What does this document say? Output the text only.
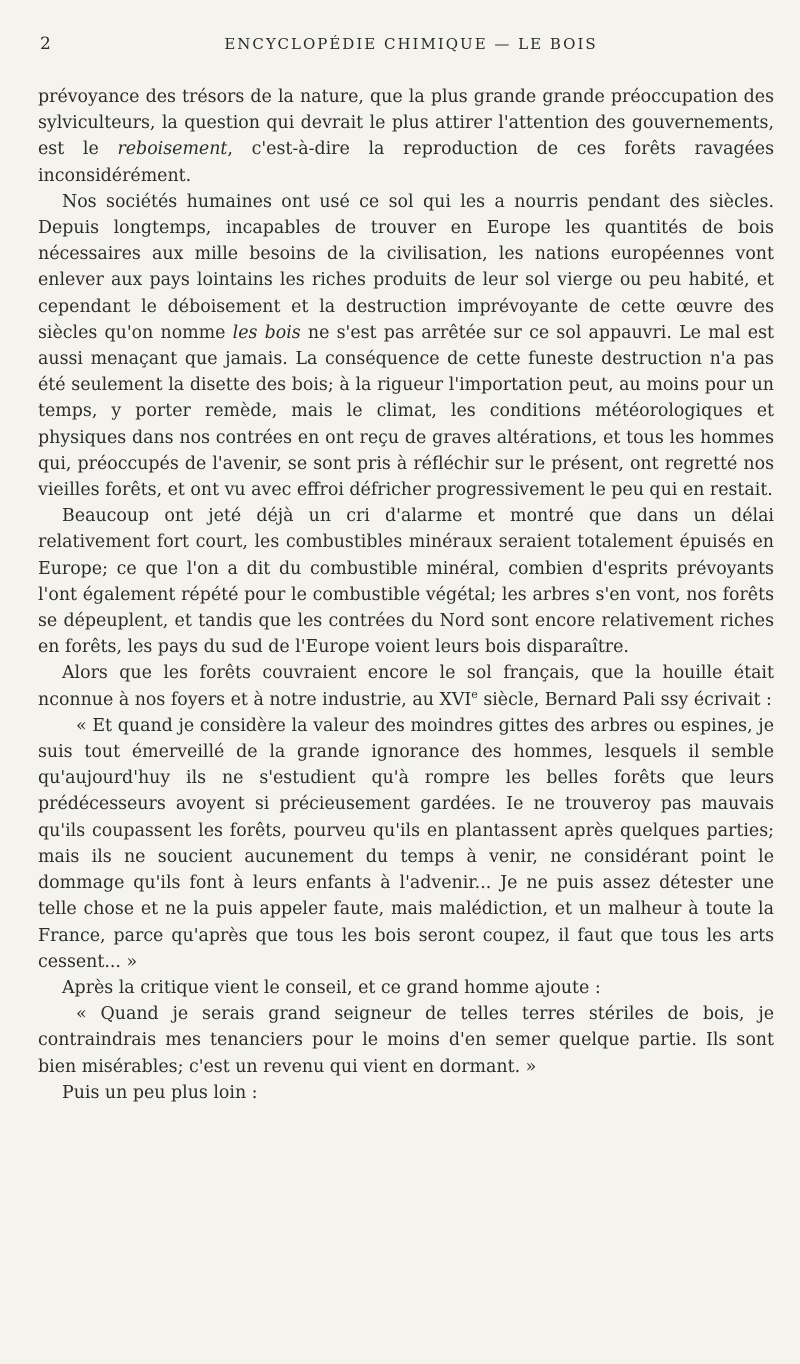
2	ENCYCLOPÉDIE CHIMIQUE — LE BOIS

prévoyance des trésors de la nature, que la plus grande grande préoccupation des sylviculteurs, la question qui devrait le plus attirer l'attention des gouvernements, est le reboisement, c'est-à-dire la reproduction de ces forêts ravagées inconsidérément.

Nos sociétés humaines ont usé ce sol qui les a nourris pendant des siècles. Depuis longtemps, incapables de trouver en Europe les quantités de bois nécessaires aux mille besoins de la civilisation, les nations européennes vont enlever aux pays lointains les riches produits de leur sol vierge ou peu habité, et cependant le déboisement et la destruction imprévoyante de cette œuvre des siècles qu'on nomme les bois ne s'est pas arrêtée sur ce sol appauvri. Le mal est aussi menaçant que jamais. La conséquence de cette funeste destruction n'a pas été seulement la disette des bois; à la rigueur l'importation peut, au moins pour un temps, y porter remède, mais le climat, les conditions météorologiques et physiques dans nos contrées en ont reçu de graves altérations, et tous les hommes qui, préoccupés de l'avenir, se sont pris à réfléchir sur le présent, ont regretté nos vieilles forêts, et ont vu avec effroi défricher progressivement le peu qui en restait.

Beaucoup ont jeté déjà un cri d'alarme et montré que dans un délai relativement fort court, les combustibles minéraux seraient totalement épuisés en Europe; ce que l'on a dit du combustible minéral, combien d'esprits prévoyants l'ont également répété pour le combustible végétal; les arbres s'en vont, nos forêts se dépeuplent, et tandis que les contrées du Nord sont encore relativement riches en forêts, les pays du sud de l'Europe voient leurs bois disparaître.

Alors que les forêts couvraient encore le sol français, que la houille était nconnue à nos foyers et à notre industrie, au XVIe siècle, Bernard Pali ssy écrivait :

« Et quand je considère la valeur des moindres gittes des arbres ou espines, je suis tout émerveillé de la grande ignorance des hommes, lesquels il semble qu'aujourd'huy ils ne s'estudient qu'à rompre les belles forêts que leurs prédécesseurs avoyent si précieusement gardées. Ie ne trouveroy pas mauvais qu'ils coupassent les forêts, pourveu qu'ils en plantassent après quelques parties; mais ils ne soucient aucunement du temps à venir, ne considérant point le dommage qu'ils font à leurs enfants à l'advenir... Je ne puis assez détester une telle chose et ne la puis appeler faute, mais malédiction, et un malheur à toute la France, parce qu'après que tous les bois seront coupez, il faut que tous les arts cessent... »

Après la critique vient le conseil, et ce grand homme ajoute :

« Quand je serais grand seigneur de telles terres stériles de bois, je contraindrais mes tenanciers pour le moins d'en semer quelque partie. Ils sont bien misérables; c'est un revenu qui vient en dormant. »

Puis un peu plus loin :
